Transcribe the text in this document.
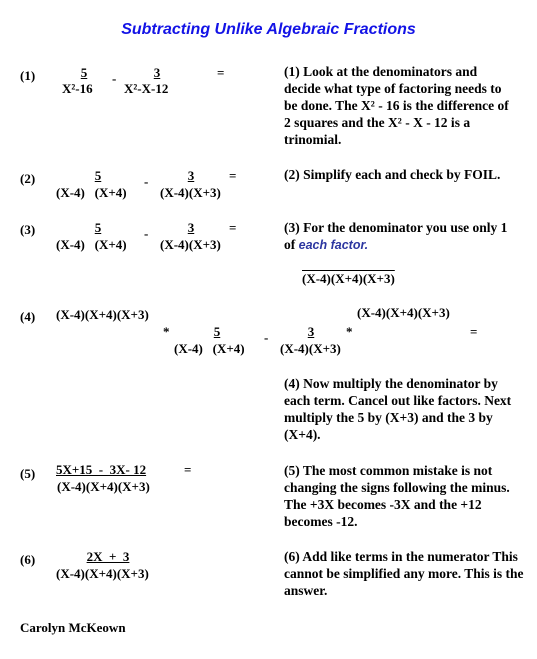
Subtracting Unlike Algebraic Fractions
(1)	5
X²-16
-	3
X²-X-12
=	(1) Look at the denominators and decide what type of factoring needs to be done. The X² - 16 is the difference of 2 squares and the X² - X - 12 is a trinomial.
(2)	5
(X-4)   (X+4)
-	3
(X-4)(X+3)
=	(2) Simplify each and check by FOIL.
(3)	5
(X-4)   (X+4)
-	3
(X-4)(X+3)
=	(3) For the denominator you use only 1 of each factor.
(X-4)(X+4)(X+3)
(4) (X-4)(X+4)(X+3)
*	5
(X-4)   (X+4)
-	3
(X-4)(X+3)
*
(X-4)(X+4)(X+3)
=
(4) Now multiply the denominator by each term. Cancel out like factors. Next multiply the 5 by (X+3) and the 3 by (X+4).
(5) 5X+15  -  3X- 12
(X-4)(X+4)(X+3)
=	(5) The most common mistake is not changing the signs following the minus. The +3X becomes -3X and the +12 becomes -12.
(6)	2X  +  3
(X-4)(X+4)(X+3)
(6) Add like terms in the numerator This cannot be simplified any more. This is the answer.
Carolyn McKeown
